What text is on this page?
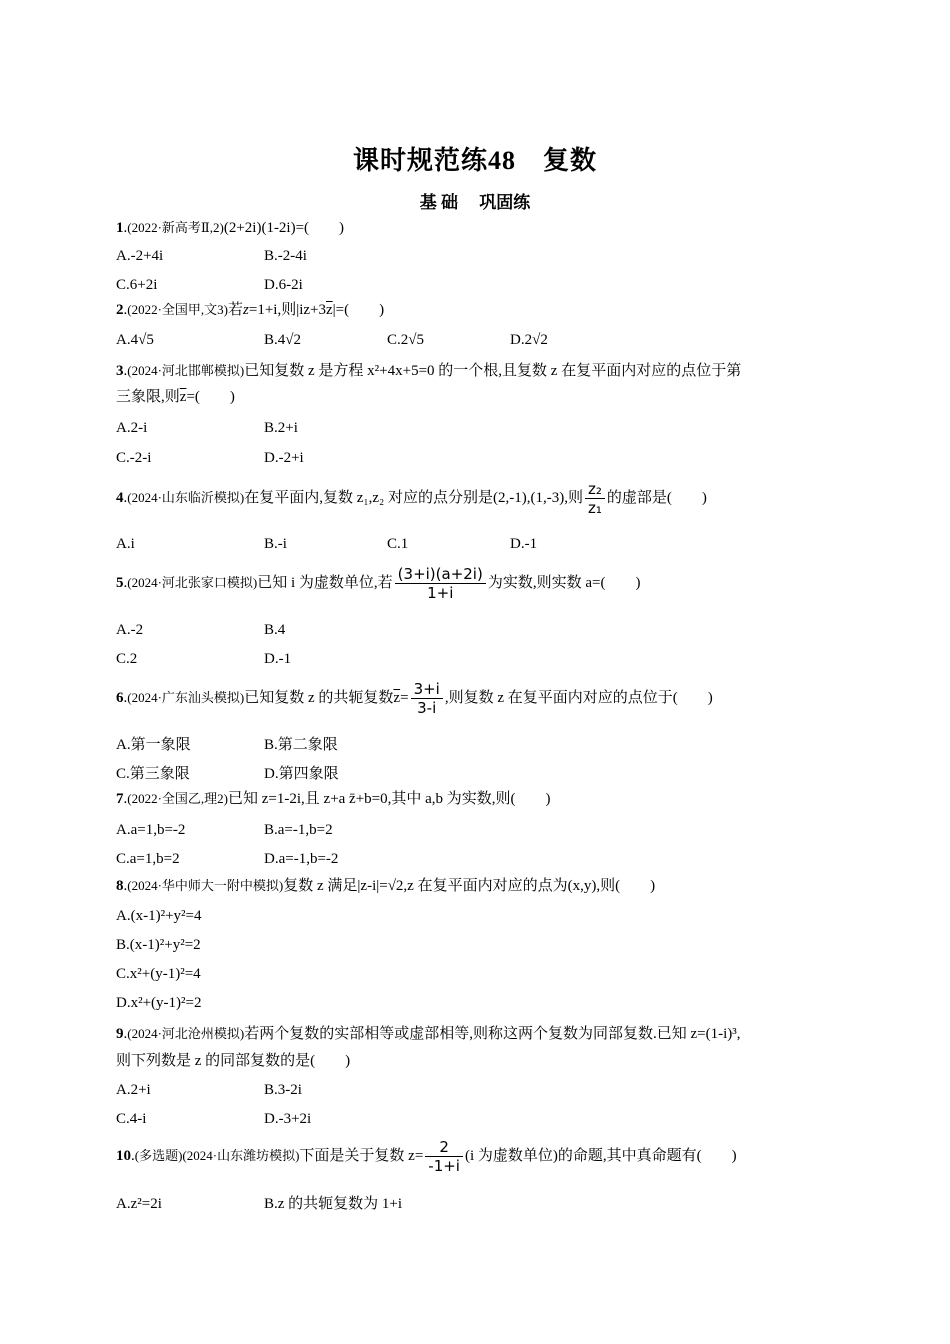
课时规范练48　复数
基 础　 巩固练
1.(2022·新高考Ⅱ,2)(2+2i)(1-2i)=(　　)
A.-2+4i	B.-2-4i
C.6+2i	D.6-2i
2.(2022·全国甲,文3)若z=1+i,则$|iz+3\overline{z}|=$(　　)
A.4√5	B.4√2	C.2√5	D.2√2
3.(2024·河北邯郸模拟)已知复数 z 是方程 x²+4x+5=0 的一个根,且复数 z 在复平面内对应的点位于第
三象限,则$\overline{z}=$(　　)
A.2-i	B.2+i
C.-2-i	D.-2+i
4.(2024·山东临沂模拟)在复平面内,复数 z₁,z₂ 对应的点分别是(2,-1),(1,-3),则 $\frac{\text{z₂}}{\text{z₁}}$ 的虚部是(　　)
A.i	B.-i	C.1	D.-1
5.(2024·河北张家口模拟)已知 i 为虚数单位,若 $\frac{(3+i)(a+2i)}{1+i}$ 为实数,则实数 a=(　　)
A.-2	B.4
C.2	D.-1
6.(2024·广东汕头模拟)已知复数 z 的共轭复数$\overline{z}= \frac{3+i}{3-i}$ ,则复数 z 在复平面内对应的点位于(　　)
A.第一象限	B.第二象限
C.第三象限	D.第四象限
7.(2022·全国乙,理2)已知 z=1-2i,且 z+a z̄+b=0,其中 a,b 为实数,则(　　)
A.a=1,b=-2	B.a=-1,b=2
C.a=1,b=2	D.a=-1,b=-2
8.(2024·华中师大一附中模拟)复数 z 满足|z-i|=√2,z 在复平面内对应的点为(x,y),则(　　)
A.(x-1)²+y²=4
B.(x-1)²+y²=2
C.x²+(y-1)²=4
D.x²+(y-1)²=2
9.(2024·河北沧州模拟)若两个复数的实部相等或虚部相等,则称这两个复数为同部复数.已知 z=(1-i)³,
则下列数是 z 的同部复数的是(　　)
A.2+i	B.3-2i
C.4-i	D.-3+2i
10.(多选题)(2024·山东潍坊模拟)下面是关于复数 $z= \frac{2}{-1+i} (i$ 为虚数单位)的命题,其中真命题有(　　)
A.z²=2i	B.z 的共轭复数为 1+i
